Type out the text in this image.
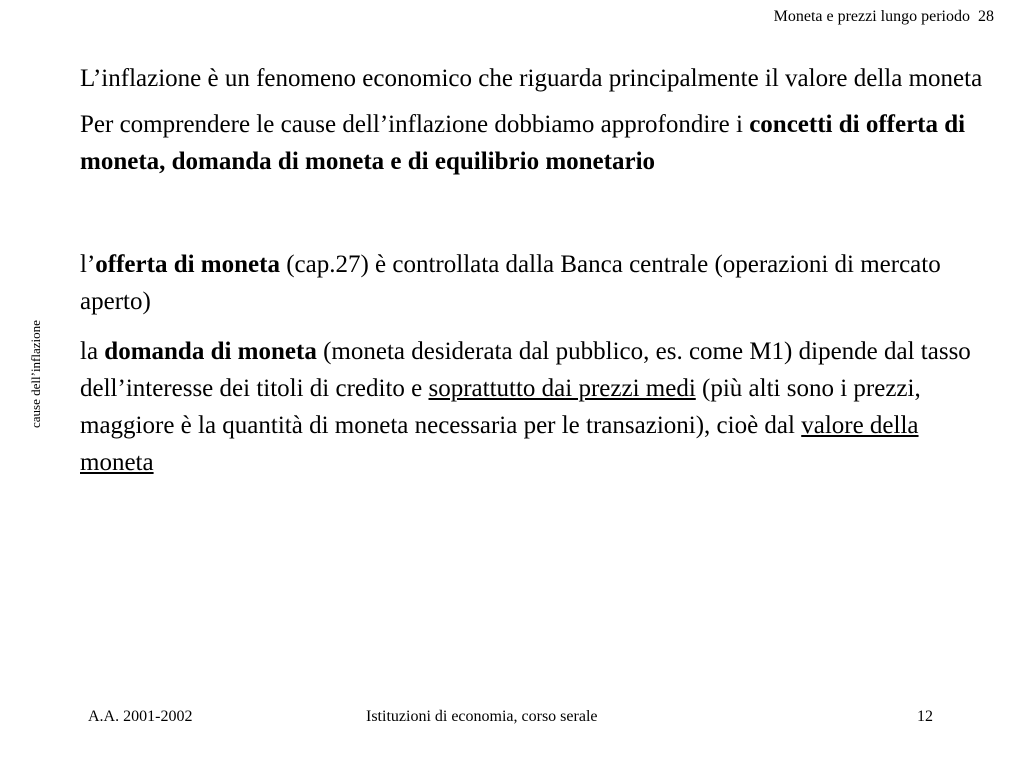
Moneta e prezzi lungo periodo 28
cause dell’inflazione

L’inflazione è un fenomeno economico che riguarda principalmente il valore della moneta

Per comprendere le cause dell’inflazione dobbiamo approfondire i concetti di offerta di moneta, domanda di moneta e di equilibrio monetario

l’offerta di moneta (cap.27) è controllata dalla Banca centrale (operazioni di mercato aperto)

la domanda di moneta (moneta desiderata dal pubblico, es. come M1) dipende dal tasso dell’interesse dei titoli di credito e soprattutto dai prezzi medi (più alti sono i prezzi, maggiore è la quantità di moneta necessaria per le transazioni), cioè dal valore della moneta

A.A. 2001-2002	Istituzioni di economia, corso serale	12
